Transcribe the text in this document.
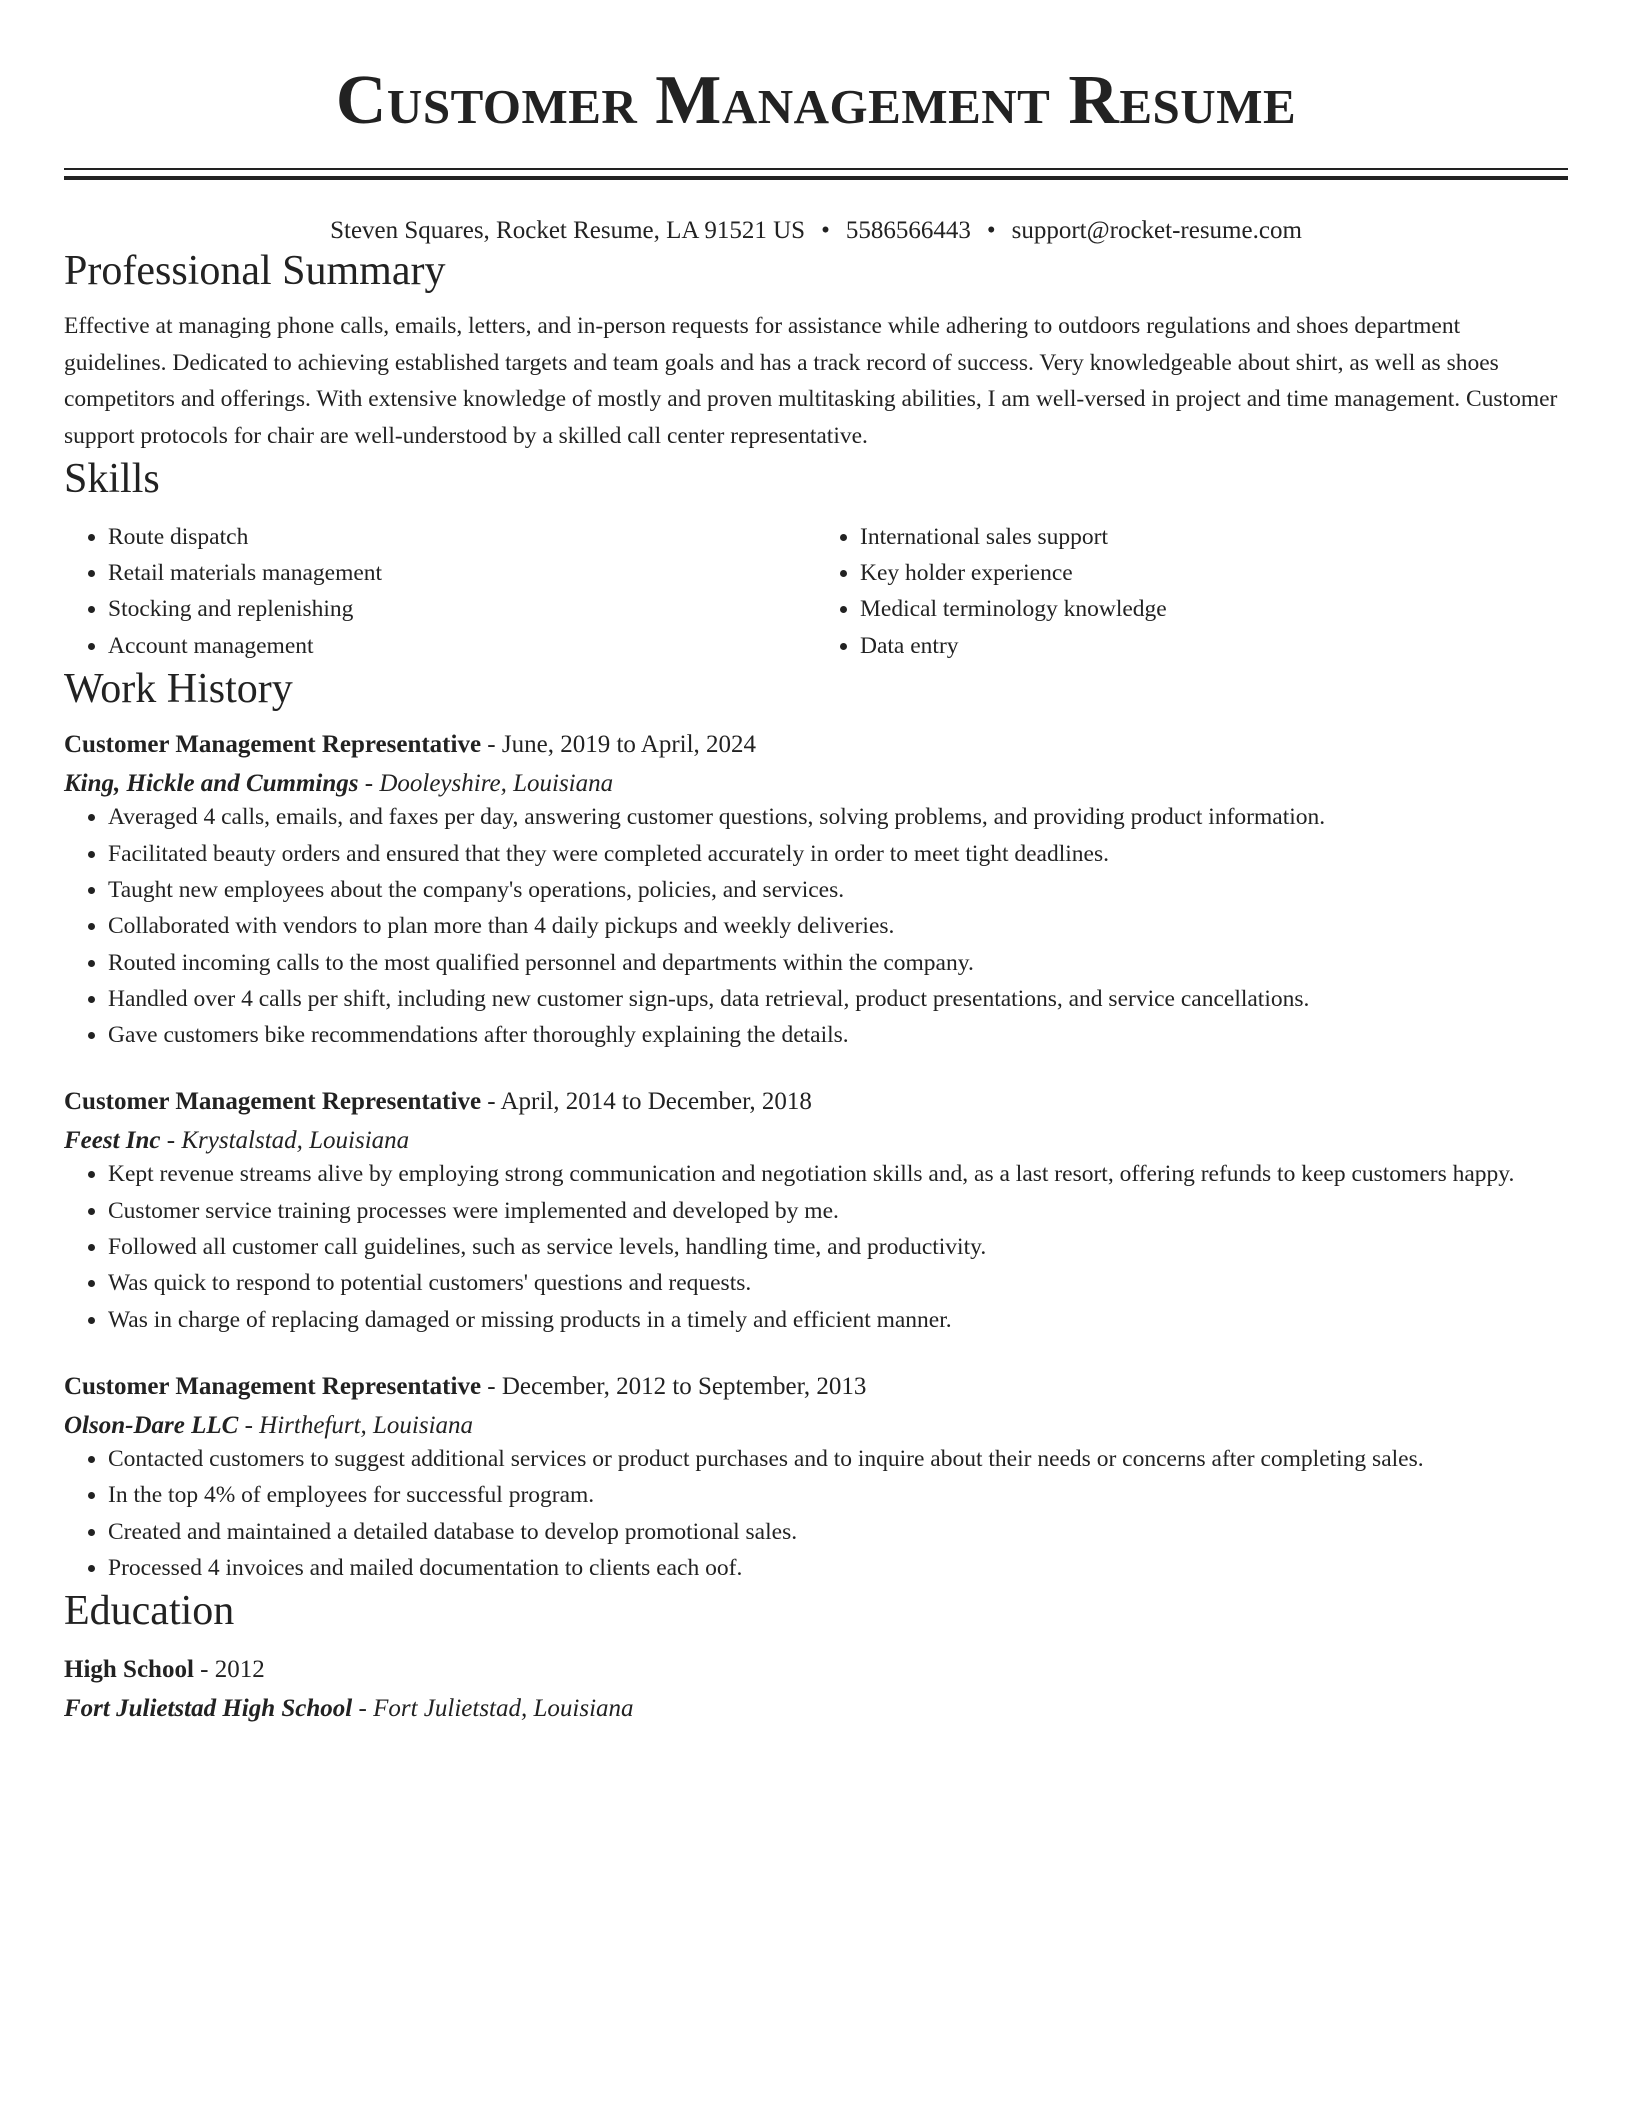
Customer Management Resume
Steven Squares, Rocket Resume, LA 91521 US • 5586566443 • support@rocket-resume.com
Professional Summary
Effective at managing phone calls, emails, letters, and in-person requests for assistance while adhering to outdoors regulations and shoes department guidelines. Dedicated to achieving established targets and team goals and has a track record of success. Very knowledgeable about shirt, as well as shoes competitors and offerings. With extensive knowledge of mostly and proven multitasking abilities, I am well-versed in project and time management. Customer support protocols for chair are well-understood by a skilled call center representative.
Skills
• Route dispatch
• Retail materials management
• Stocking and replenishing
• Account management
• International sales support
• Key holder experience
• Medical terminology knowledge
• Data entry
Work History
Customer Management Representative - June, 2019 to April, 2024
King, Hickle and Cummings - Dooleyshire, Louisiana
• Averaged 4 calls, emails, and faxes per day, answering customer questions, solving problems, and providing product information.
• Facilitated beauty orders and ensured that they were completed accurately in order to meet tight deadlines.
• Taught new employees about the company's operations, policies, and services.
• Collaborated with vendors to plan more than 4 daily pickups and weekly deliveries.
• Routed incoming calls to the most qualified personnel and departments within the company.
• Handled over 4 calls per shift, including new customer sign-ups, data retrieval, product presentations, and service cancellations.
• Gave customers bike recommendations after thoroughly explaining the details.
Customer Management Representative - April, 2014 to December, 2018
Feest Inc - Krystalstad, Louisiana
• Kept revenue streams alive by employing strong communication and negotiation skills and, as a last resort, offering refunds to keep customers happy.
• Customer service training processes were implemented and developed by me.
• Followed all customer call guidelines, such as service levels, handling time, and productivity.
• Was quick to respond to potential customers' questions and requests.
• Was in charge of replacing damaged or missing products in a timely and efficient manner.
Customer Management Representative - December, 2012 to September, 2013
Olson-Dare LLC - Hirthefurt, Louisiana
• Contacted customers to suggest additional services or product purchases and to inquire about their needs or concerns after completing sales.
• In the top 4% of employees for successful program.
• Created and maintained a detailed database to develop promotional sales.
• Processed 4 invoices and mailed documentation to clients each oof.
Education
High School - 2012
Fort Julietstad High School - Fort Julietstad, Louisiana
